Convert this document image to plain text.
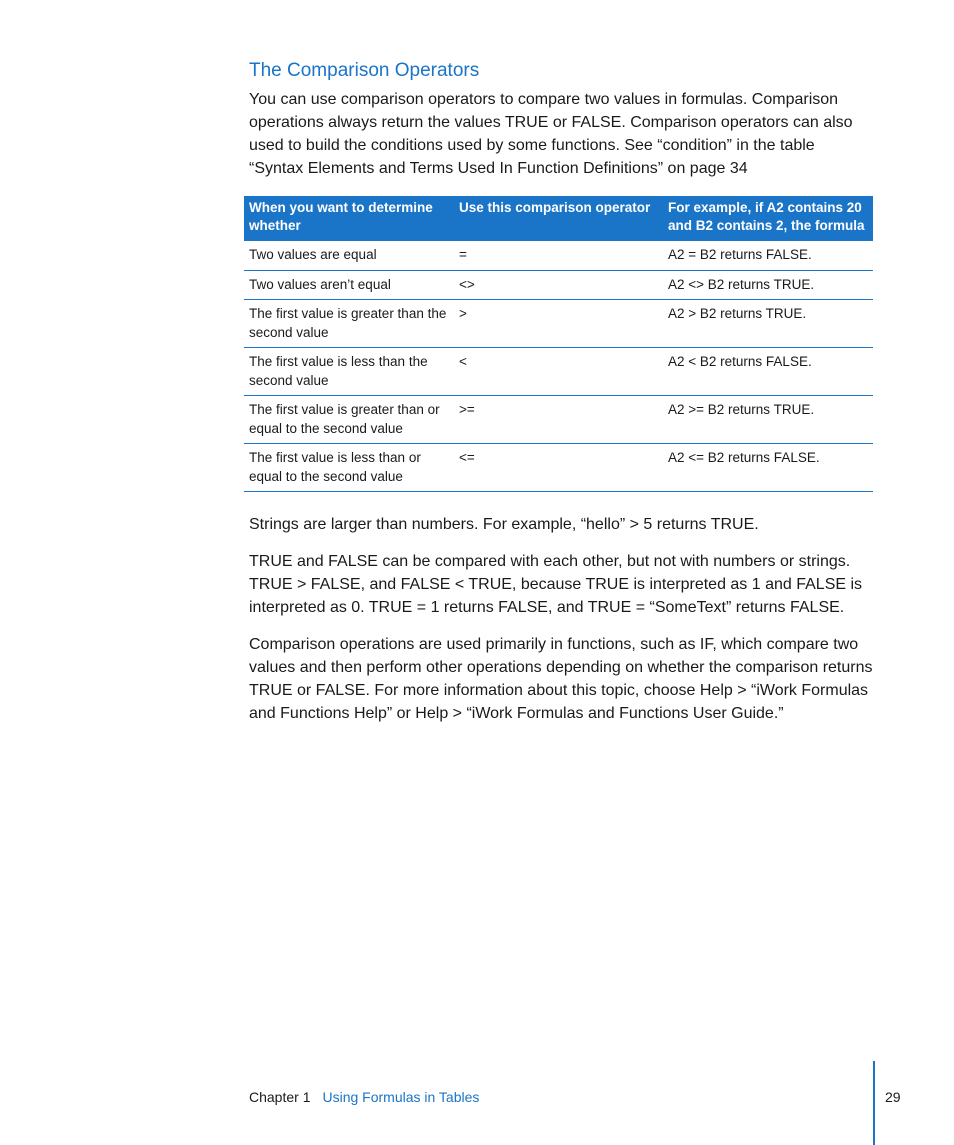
The Comparison Operators

You can use comparison operators to compare two values in formulas. Comparison operations always return the values TRUE or FALSE. Comparison operators can also used to build the conditions used by some functions. See “condition” in the table “Syntax Elements and Terms Used In Function Definitions” on page 34

When you want to determine whether	Use this comparison operator	For example, if A2 contains 20 and B2 contains 2, the formula
Two values are equal	=	A2 = B2 returns FALSE.
Two values aren’t equal	<>	A2 <> B2 returns TRUE.
The first value is greater than the second value	>	A2 > B2 returns TRUE.
The first value is less than the second value	<	A2 < B2 returns FALSE.
The first value is greater than or equal to the second value	>=	A2 >= B2 returns TRUE.
The first value is less than or equal to the second value	<=	A2 <= B2 returns FALSE.

Strings are larger than numbers. For example, “hello” > 5 returns TRUE.

TRUE and FALSE can be compared with each other, but not with numbers or strings. TRUE > FALSE, and FALSE < TRUE, because TRUE is interpreted as 1 and FALSE is interpreted as 0. TRUE = 1 returns FALSE, and TRUE = “SomeText” returns FALSE.

Comparison operations are used primarily in functions, such as IF, which compare two values and then perform other operations depending on whether the comparison returns TRUE or FALSE. For more information about this topic, choose Help > “iWork Formulas and Functions Help” or Help > “iWork Formulas and Functions User Guide.”

Chapter 1 Using Formulas in Tables	29
